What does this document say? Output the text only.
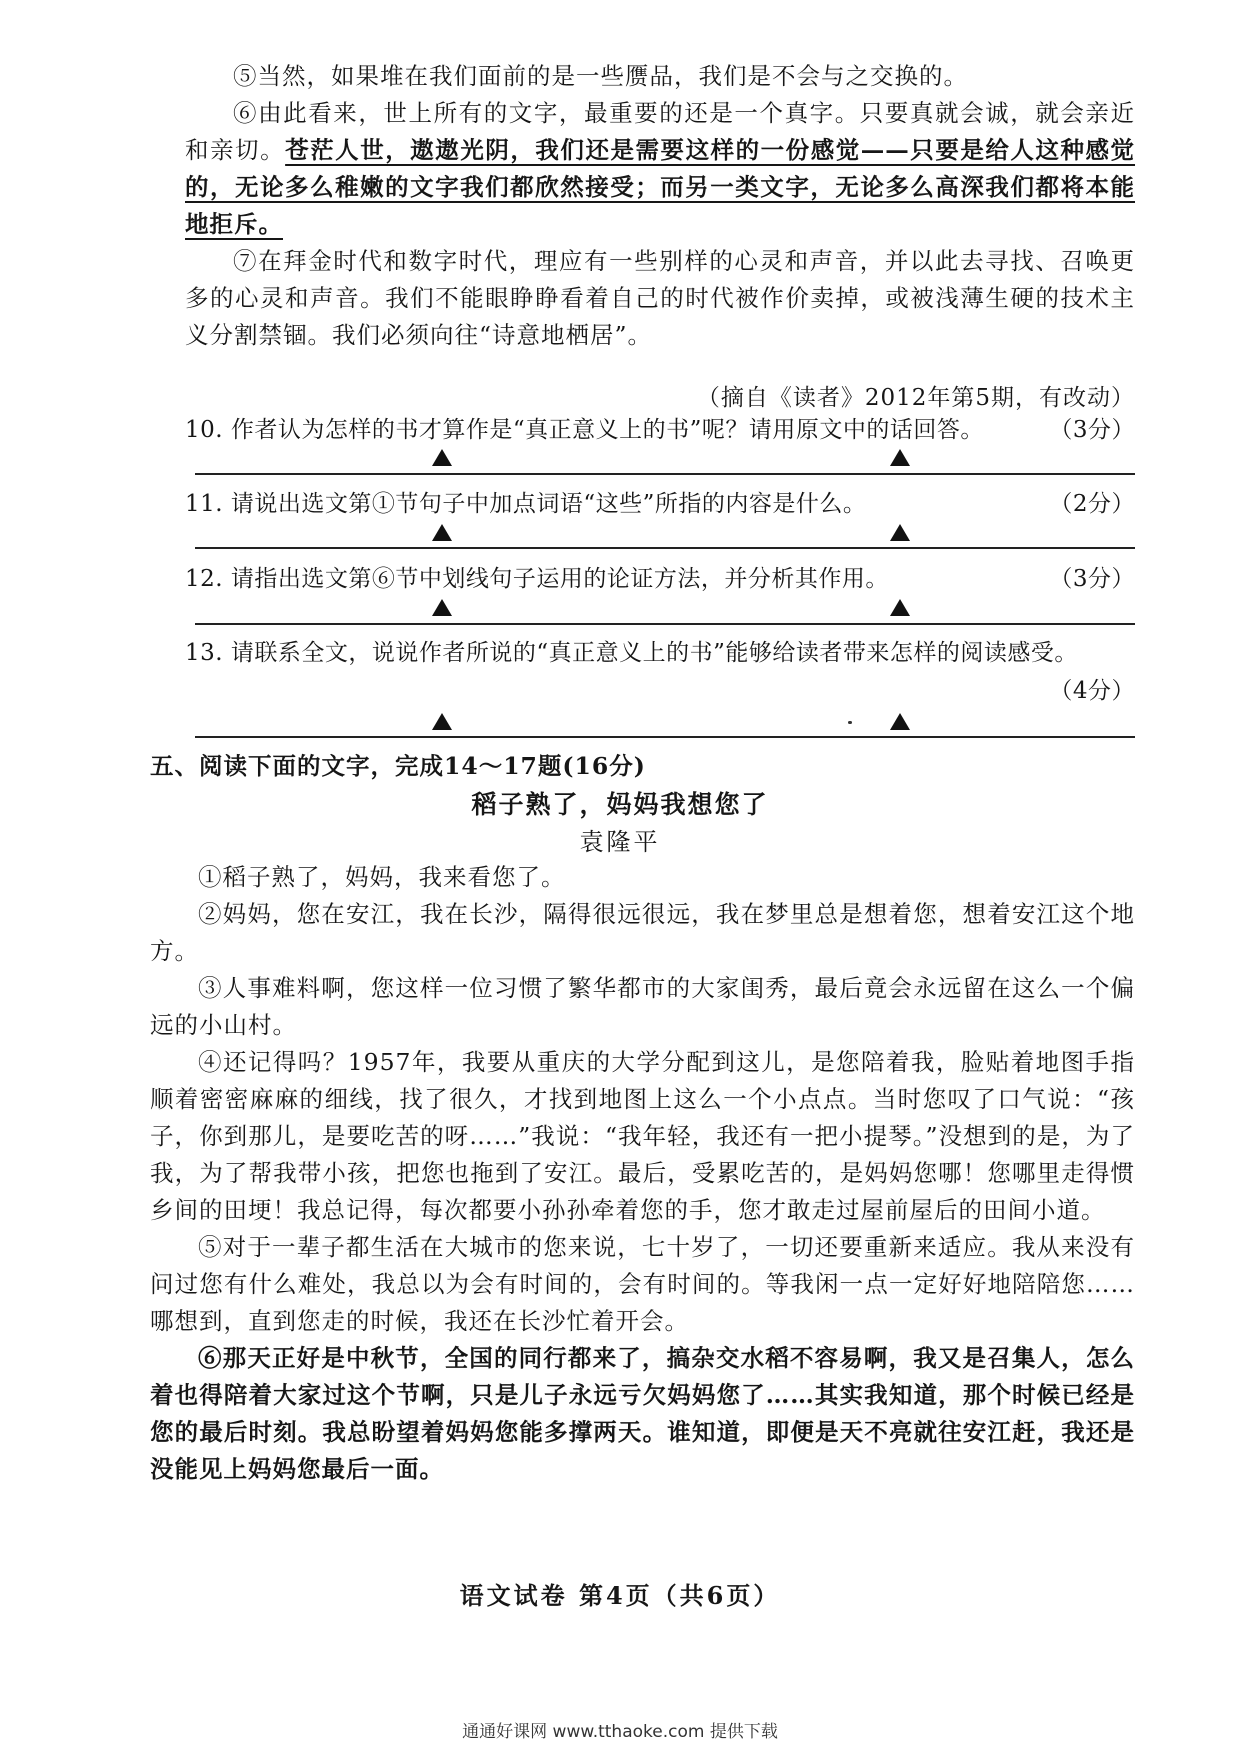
⑤当然，如果堆在我们面前的是一些赝品，我们是不会与之交换的。

⑥由此看来，世上所有的文字，最重要的还是一个真字。只要真就会诚，就会亲近和亲切。苍茫人世，遨遨光阴，我们还是需要这样的一份感觉——只要是给人这种感觉的，无论多么稚嫩的文字我们都欣然接受；而另一类文字，无论多么高深我们都将本能地拒斥。

⑦在拜金时代和数字时代，理应有一些别样的心灵和声音，并以此去寻找、召唤更多的心灵和声音。我们不能眼睁睁看着自己的时代被作价卖掉，或被浅薄生硬的技术主义分割禁锢。我们必须向往“诗意地栖居”。

（摘自《读者》2012年第5期，有改动）
10. 作者认为怎样的书才算作是“真正意义上的书”呢？请用原文中的话回答。	（3分）
11. 请说出选文第①节句子中加点词语“这些”所指的内容是什么。	（2分）
12. 请指出选文第⑥节中划线句子运用的论证方法，并分析其作用。	（3分）
13. 请联系全文，说说作者所说的“真正意义上的书”能够给读者带来怎样的阅读感受。
（4分）
五、阅读下面的文字，完成14～17题(16分)
稻子熟了，妈妈我想您了
袁隆平

①稻子熟了，妈妈，我来看您了。

②妈妈，您在安江，我在长沙，隔得很远很远，我在梦里总是想着您，想着安江这个地方。

③人事难料啊，您这样一位习惯了繁华都市的大家闺秀，最后竟会永远留在这么一个偏远的小山村。

④还记得吗？1957年，我要从重庆的大学分配到这儿，是您陪着我，脸贴着地图手指顺着密密麻麻的细线，找了很久，才找到地图上这么一个小点点。当时您叹了口气说：“孩子，你到那儿，是要吃苦的呀……”我说：“我年轻，我还有一把小提琴。”没想到的是，为了我，为了帮我带小孩，把您也拖到了安江。最后，受累吃苦的，是妈妈您哪！您哪里走得惯乡间的田埂！我总记得，每次都要小孙孙牵着您的手，您才敢走过屋前屋后的田间小道。

⑤对于一辈子都生活在大城市的您来说，七十岁了，一切还要重新来适应。我从来没有问过您有什么难处，我总以为会有时间的，会有时间的。等我闲一点一定好好地陪陪您……哪想到，直到您走的时候，我还在长沙忙着开会。

⑥那天正好是中秋节，全国的同行都来了，搞杂交水稻不容易啊，我又是召集人，怎么着也得陪着大家过这个节啊，只是儿子永远亏欠妈妈您了……其实我知道，那个时候已经是您的最后时刻。我总盼望着妈妈您能多撑两天。谁知道，即便是天不亮就往安江赶，我还是没能见上妈妈您最后一面。

语文试卷 第4页（共6页）
通通好课网 www.tthaoke.com 提供下载
